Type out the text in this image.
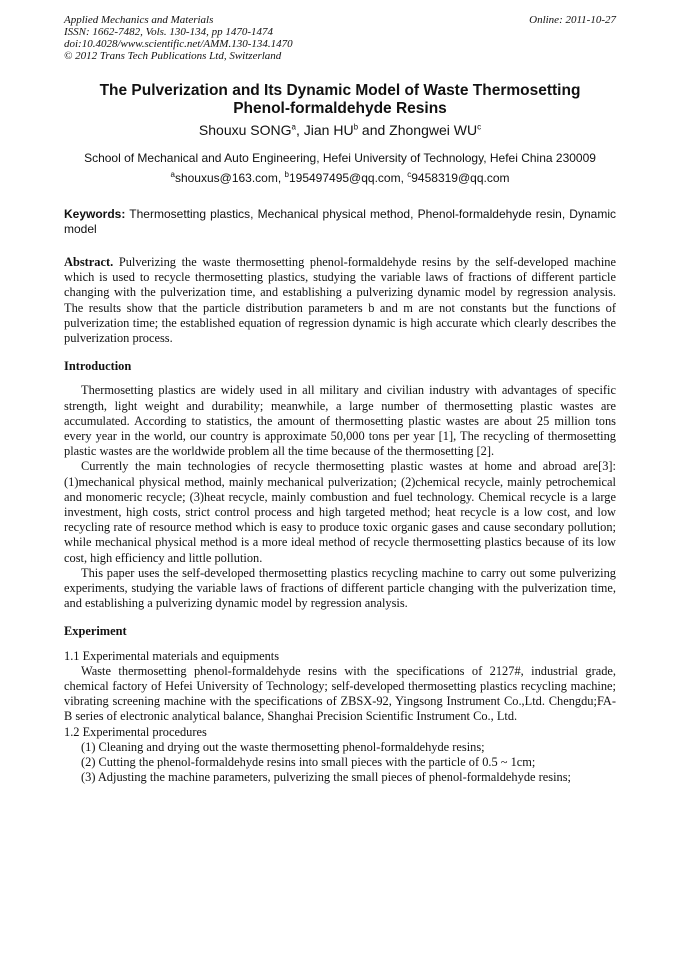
Applied Mechanics and Materials
ISSN: 1662-7482, Vols. 130-134, pp 1470-1474
doi:10.4028/www.scientific.net/AMM.130-134.1470
© 2012 Trans Tech Publications Ltd, Switzerland
Online: 2011-10-27
The Pulverization and Its Dynamic Model of Waste Thermosetting
Phenol-formaldehyde Resins
Shouxu SONG$^a$, Jian $HU^b$ and Zhongwei $WU^c$
School of Mechanical and Auto Engineering, Hefei University of Technology, Hefei China 230009
$^a$shouxus@163.com, $^b$195497495@qq.com, $^c$9458319@qq.com
Keywords: Thermosetting plastics, Mechanical physical method, Phenol-formaldehyde resin, Dynamic model

Abstract. Pulverizing the waste thermosetting phenol-formaldehyde resins by the self-developed machine which is used to recycle thermosetting plastics, studying the variable laws of fractions of different particle changing with the pulverization time, and establishing a pulverizing dynamic model by regression analysis. The results show that the particle distribution parameters b and m are not constants but the functions of pulverization time; the established equation of regression dynamic is high accurate which clearly describes the pulverization process.

Introduction

Thermosetting plastics are widely used in all military and civilian industry with advantages of specific strength, light weight and durability; meanwhile, a large number of thermosetting plastic wastes are accumulated. According to statistics, the amount of thermosetting plastic wastes are about 25 million tons every year in the world, our country is approximate 50,000 tons per year [1], The recycling of thermosetting plastic wastes are the worldwide problem all the time because of the thermosetting [2].

Currently the main technologies of recycle thermosetting plastic wastes at home and abroad are[3]: (1)mechanical physical method, mainly mechanical pulverization; (2)chemical recycle, mainly petrochemical and monomeric recycle; (3)heat recycle, mainly combustion and fuel technology. Chemical recycle is a large investment, high costs, strict control process and high targeted method; heat recycle is a low cost, and low recycling rate of resource method which is easy to produce toxic organic gases and cause secondary pollution; while mechanical physical method is a more ideal method of recycle thermosetting plastics because of its low cost, high efficiency and little pollution.

This paper uses the self-developed thermosetting plastics recycling machine to carry out some pulverizing experiments, studying the variable laws of fractions of different particle changing with the pulverization time, and establishing a pulverizing dynamic model by regression analysis.

Experiment

1.1 Experimental materials and equipments

Waste thermosetting phenol-formaldehyde resins with the specifications of 2127#, industrial grade, chemical factory of Hefei University of Technology; self-developed thermosetting plastics recycling machine; vibrating screening machine with the specifications of ZBSX-92, Yingsong Instrument Co.,Ltd. Chengdu;FA-B series of electronic analytical balance, Shanghai Precision Scientific Instrument Co., Ltd.

1.2 Experimental procedures

(1) Cleaning and drying out the waste thermosetting phenol-formaldehyde resins;

(2) Cutting the phenol-formaldehyde resins into small pieces with the particle of 0.5 ~ 1cm;

(3) Adjusting the machine parameters, pulverizing the small pieces of phenol-formaldehyde resins;
